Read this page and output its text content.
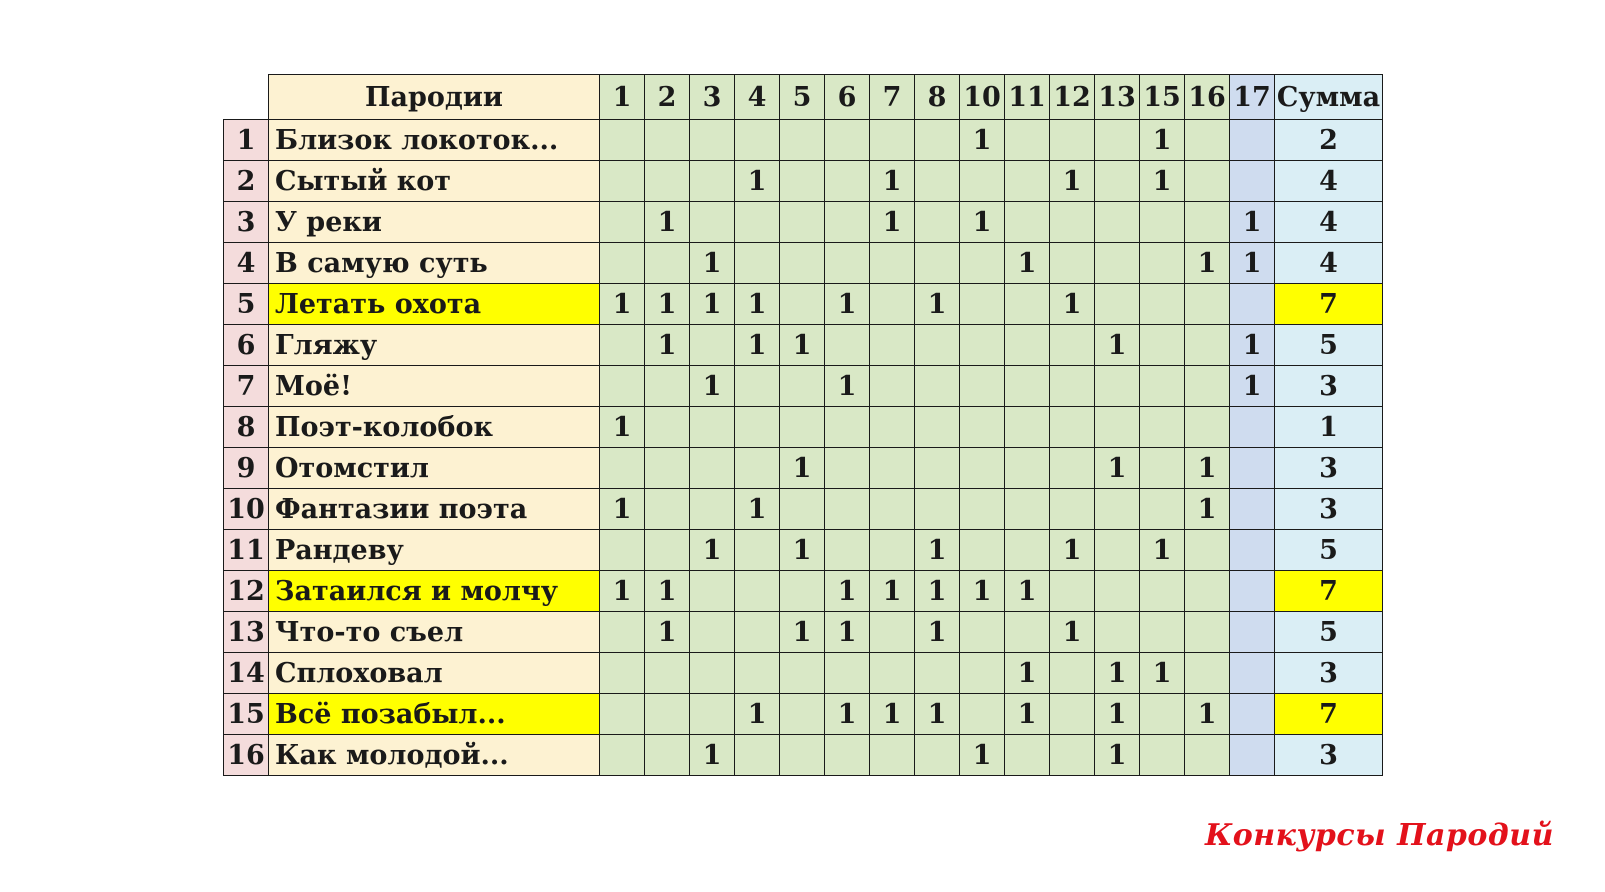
	Пародии	1	2	3	4	5	6	7	8	10	11	12	13	15	16	17	Сумма
1	Близок локоток...									1				1			2
2	Сытый кот				1			1				1		1			4
3	У реки		1					1		1						1	4
4	В самую суть			1							1				1	1	4
5	Летать охота	1	1	1	1		1		1			1					7
6	Гляжу		1		1	1							1			1	5
7	Моё!			1			1									1	3
8	Поэт-колобок	1															1
9	Отомстил					1							1		1		3
10	Фантазии поэта	1			1										1		3
11	Рандеву			1		1			1			1		1			5
12	Затаился и молчу	1	1				1	1	1	1	1						7
13	Что-то съел		1			1	1		1			1					5
14	Сплоховал										1		1	1			3
15	Всё позабыл...				1		1	1	1		1		1		1		7
16	Как молодой...			1						1			1				3
Конкурсы Пародий
